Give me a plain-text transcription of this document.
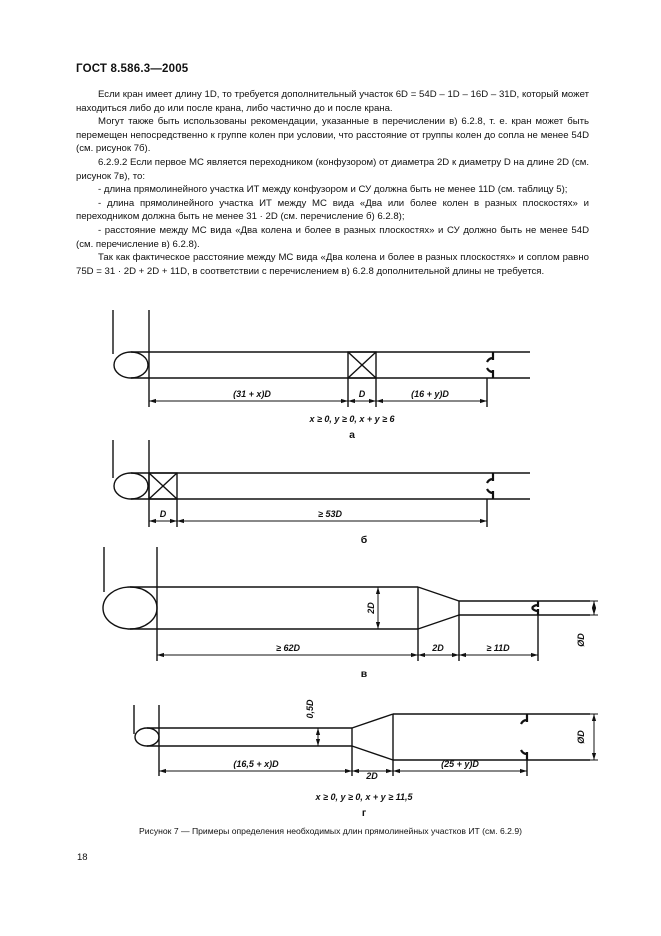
ГОСТ 8.586.3—2005

Если кран имеет длину 1D, то требуется дополнительный участок 6D = 54D – 1D – 16D – 31D, который может находиться либо до или после крана, либо частично до и после крана.

Могут также быть использованы рекомендации, указанные в перечислении в) 6.2.8, т. е. кран может быть перемещен непосредственно к группе колен при условии, что расстояние от группы колен до сопла не менее 54D (см. рисунок 7б).

6.2.9.2 Если первое МС является переходником (конфузором) от диаметра 2D к диаметру D на длине 2D (см. рисунок 7в), то:

- длина прямолинейного участка ИТ между конфузором и СУ должна быть не менее 11D (см. таблицу 5);

- длина прямолинейного участка ИТ между МС вида «Два или более колен в разных плоскостях» и переходником должна быть не менее 31 · 2D (см. перечисление б) 6.2.8);

- расстояние между МС вида «Два колена и более в разных плоскостях» и СУ должно быть не менее 54D (см. перечисление в) 6.2.8).

Так как фактическое расстояние между МС вида «Два колена и более в разных плоскостях» и соплом равно 75D = 31 · 2D + 2D + 11D, в соответствии с перечислением в) 6.2.8 дополнительной длины не требуется.

(31 + x)D	D	(16 + y)D
x ≥ 0, y ≥ 0, x + y ≥ 6
а
D	≥ 53D
б
2D
ØD
≥ 62D	2D	≥ 11D
в
0,5D
ØD
(16,5 + x)D
2D
(25 + y)D
x ≥ 0, y ≥ 0, x + y ≥ 11,5
г
Рисунок 7 — Примеры определения необходимых длин прямолинейных участков ИТ (см. 6.2.9)
18
